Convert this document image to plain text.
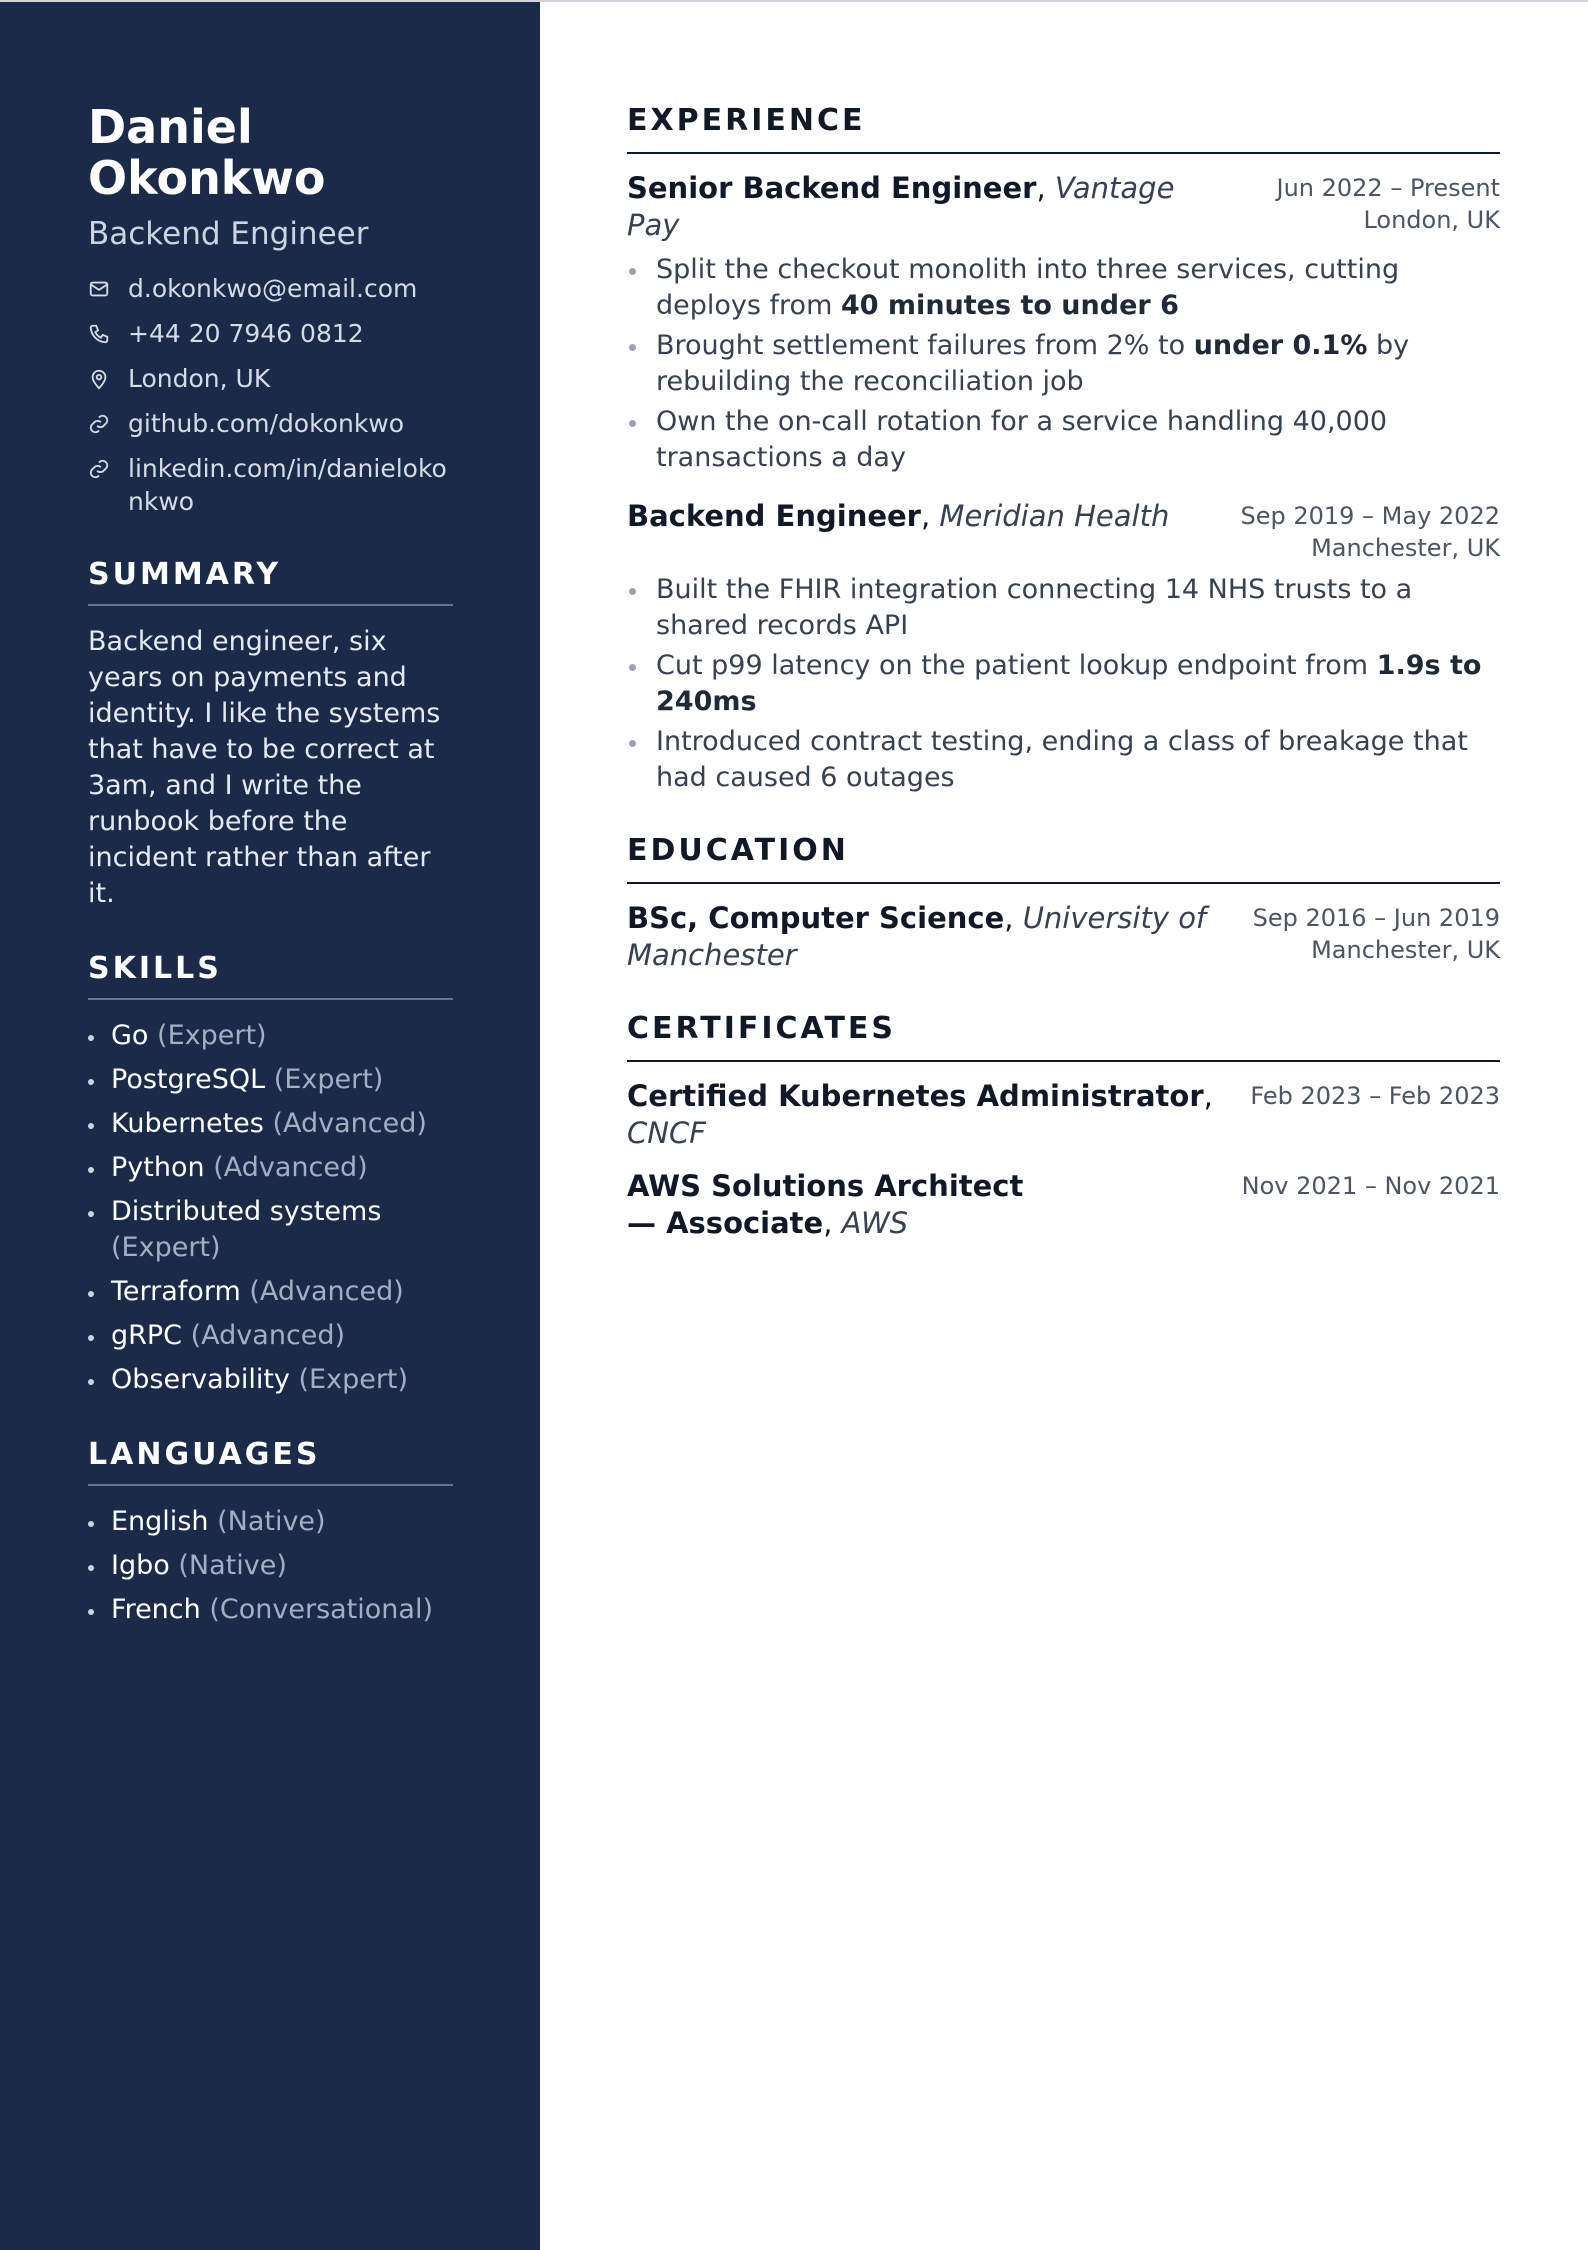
Daniel
Okonkwo
Backend Engineer
d.okonkwo@email.com
+44 20 7946 0812
London, UK
github.com/dokonkwo
linkedin.com/in/danielokonkwo
SUMMARY

Backend engineer, six years on payments and identity. I like the systems that have to be correct at 3am, and I write the runbook before the incident rather than after it.

SKILLS
Go (Expert)
PostgreSQL (Expert)
Kubernetes (Advanced)
Python (Advanced)
Distributed systems (Expert)
Terraform (Advanced)
gRPC (Advanced)
Observability (Expert)
LANGUAGES
English (Native)
Igbo (Native)
French (Conversational)
EXPERIENCE
Senior Backend Engineer, Vantage Pay
Jun 2022 – Present
London, UK
Split the checkout monolith into three services, cutting deploys from 40 minutes to under 6
Brought settlement failures from 2% to under 0.1% by rebuilding the reconciliation job
Own the on-call rotation for a service handling 40,000 transactions a day
Backend Engineer, Meridian Health	Sep 2019 – May 2022
Manchester, UK
Built the FHIR integration connecting 14 NHS trusts to a shared records API
Cut p99 latency on the patient lookup endpoint from 1.9s to 240ms
Introduced contract testing, ending a class of breakage that had caused 6 outages
EDUCATION
BSc, Computer Science, University of Manchester
Sep 2016 – Jun 2019
Manchester, UK
CERTIFICATES
Certified Kubernetes Administrator, CNCF
Feb 2023 – Feb 2023
AWS Solutions Architect — Associate, AWS
Nov 2021 – Nov 2021
